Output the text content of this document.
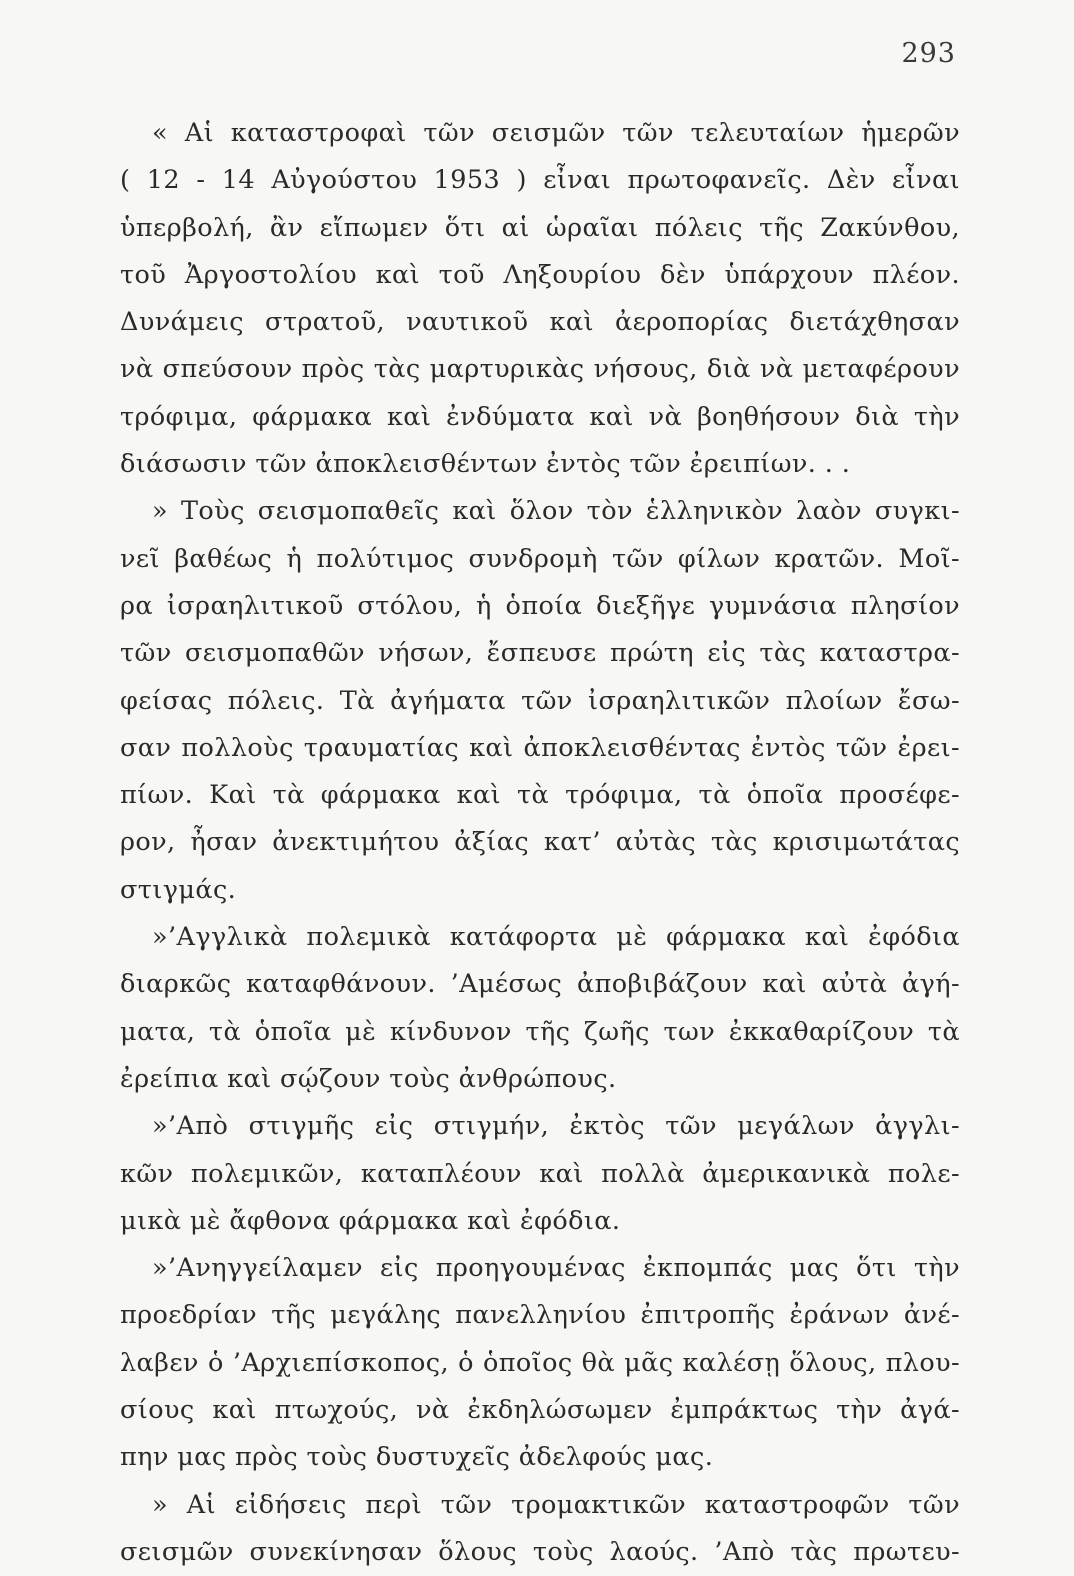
293
« Αἱ καταστροφαὶ τῶν σεισμῶν τῶν τελευταίων ἡμερῶν
( 12 - 14 Αὐγούστου 1953 ) εἶναι πρωτοφανεῖς. Δὲν εἶναι
ὑπερβολή, ἂν εἴπωμεν ὅτι αἱ ὡραῖαι πόλεις τῆς Ζακύνθου,
τοῦ Ἀργοστολίου καὶ τοῦ Ληξουρίου δὲν ὑπάρχουν πλέον.
Δυνάμεις στρατοῦ, ναυτικοῦ καὶ ἀεροπορίας διετάχθησαν
νὰ σπεύσουν πρὸς τὰς μαρτυρικὰς νήσους, διὰ νὰ μεταφέρουν
τρόφιμα, φάρμακα καὶ ἐνδύματα καὶ νὰ βοηθήσουν διὰ τὴν
διάσωσιν τῶν ἀποκλεισθέντων ἐντὸς τῶν ἐρειπίων. . .
» Τοὺς σεισμοπαθεῖς καὶ ὅλον τὸν ἑλληνικὸν λαὸν συγκι-
νεῖ βαθέως ἡ πολύτιμος συνδρομὴ τῶν φίλων κρατῶν. Μοῖ-
ρα ἰσραηλιτικοῦ στόλου, ἡ ὁποία διεξῆγε γυμνάσια πλησίον
τῶν σεισμοπαθῶν νήσων, ἔσπευσε πρώτη εἰς τὰς καταστρα-
φείσας πόλεις. Τὰ ἀγήματα τῶν ἰσραηλιτικῶν πλοίων ἔσω-
σαν πολλοὺς τραυματίας καὶ ἀποκλεισθέντας ἐντὸς τῶν ἐρει-
πίων. Καὶ τὰ φάρμακα καὶ τὰ τρόφιμα, τὰ ὁποῖα προσέφε-
ρον, ἦσαν ἀνεκτιμήτου ἀξίας κατ’ αὐτὰς τὰς κρισιμωτάτας
στιγμάς.
»’Αγγλικὰ πολεμικὰ κατάφορτα μὲ φάρμακα καὶ ἐφόδια
διαρκῶς καταφθάνουν. ’Αμέσως ἀποβιβάζουν καὶ αὐτὰ ἀγή-
ματα, τὰ ὁποῖα μὲ κίνδυνον τῆς ζωῆς των ἐκκαθαρίζουν τὰ
ἐρείπια καὶ σῴζουν τοὺς ἀνθρώπους.
»’Απὸ στιγμῆς εἰς στιγμήν, ἐκτὸς τῶν μεγάλων ἀγγλι-
κῶν πολεμικῶν, καταπλέουν καὶ πολλὰ ἀμερικανικὰ πολε-
μικὰ μὲ ἄφθονα φάρμακα καὶ ἐφόδια.
»’Ανηγγείλαμεν εἰς προηγουμένας ἐκπομπάς μας ὅτι τὴν
προεδρίαν τῆς μεγάλης πανελληνίου ἐπιτροπῆς ἐράνων ἀνέ-
λαβεν ὁ ’Αρχιεπίσκοπος, ὁ ὁποῖος θὰ μᾶς καλέσῃ ὅλους, πλου-
σίους καὶ πτωχούς, νὰ ἐκδηλώσωμεν ἐμπράκτως τὴν ἀγά-
πην μας πρὸς τοὺς δυστυχεῖς ἀδελφούς μας.
» Αἱ εἰδήσεις περὶ τῶν τρομακτικῶν καταστροφῶν τῶν
σεισμῶν συνεκίνησαν ὅλους τοὺς λαούς. ’Απὸ τὰς πρωτευ-
